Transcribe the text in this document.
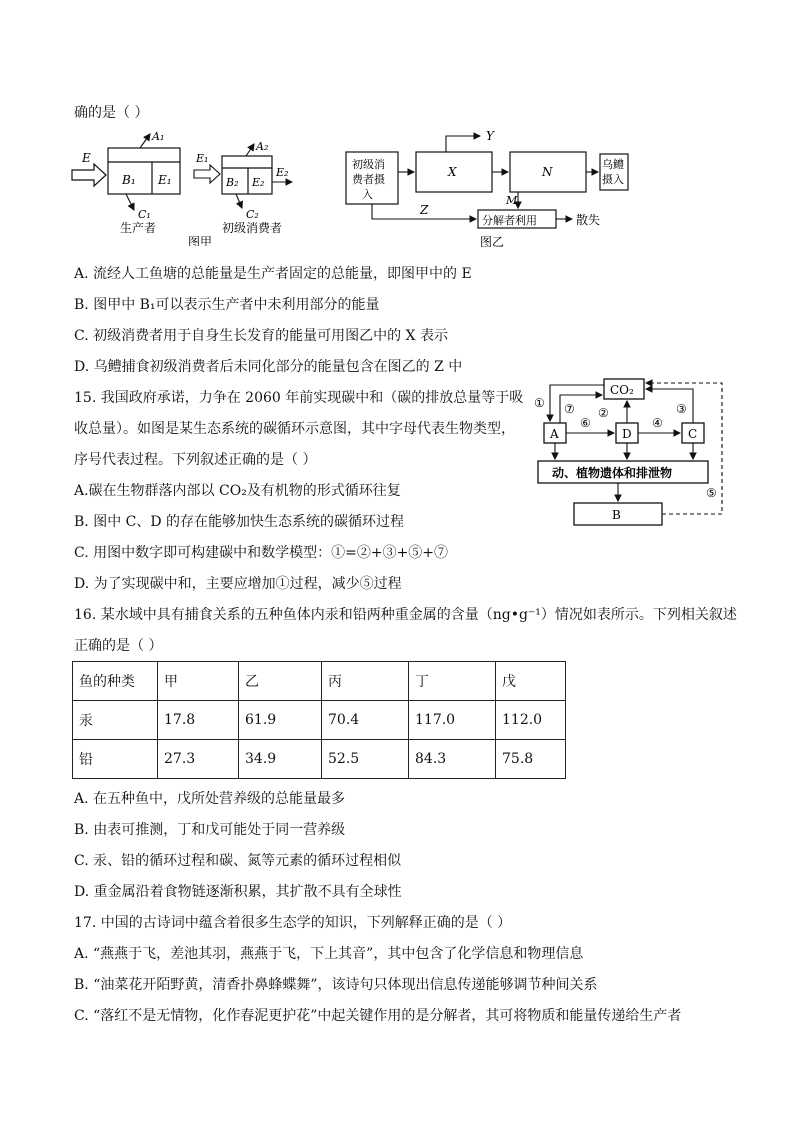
确的是（ ）
E
B₁ E₁
A₁
C₁
生产者
E₁
B₂ E₂
A₂
E₂
C₂
初级消费者
图甲
初级消
费者摄
入
X
Y
N
乌鳢
摄入
M
分解者利用
Z
散失
图乙
A. 流经人工鱼塘的总能量是生产者固定的总能量，即图甲中的 E
B. 图甲中 B₁可以表示生产者中未利用部分的能量
C. 初级消费者用于自身生长发育的能量可用图乙中的 X 表示
D. 乌鳢捕食初级消费者后未同化部分的能量包含在图乙的 Z 中
15. 我国政府承诺，力争在 2060 年前实现碳中和（碳的排放总量等于吸
收总量）。如图是某生态系统的碳循环示意图，其中字母代表生物类型，
序号代表过程。下列叙述正确的是（ ）
CO₂
A	D	C
① ⑦ ②	③
⑥	④
动、植物遗体和排泄物
B
⑤
A.碳在生物群落内部以 CO₂及有机物的形式循环往复
B. 图中 C、D 的存在能够加快生态系统的碳循环过程
C. 用图中数字即可构建碳中和数学模型：①=②+③+⑤+⑦
D. 为了实现碳中和，主要应增加①过程，减少⑤过程
16. 某水域中具有捕食关系的五种鱼体内汞和铅两种重金属的含量（ng•g⁻¹）情况如表所示。下列相关叙述
正确的是（ ）
鱼的种类	甲	乙	丙	丁	戊
汞	17.8	61.9	70.4	117.0	112.0
铅	27.3	34.9	52.5	84.3	75.8
A. 在五种鱼中，戊所处营养级的总能量最多
B. 由表可推测，丁和戊可能处于同一营养级
C. 汞、铅的循环过程和碳、氮等元素的循环过程相似
D. 重金属沿着食物链逐渐积累，其扩散不具有全球性
17. 中国的古诗词中蕴含着很多生态学的知识，下列解释正确的是（ ）
A. “燕燕于飞，差池其羽，燕燕于飞，下上其音”，其中包含了化学信息和物理信息
B. “油菜花开陌野黄，清香扑鼻蜂蝶舞”，该诗句只体现出信息传递能够调节种间关系
C. “落红不是无情物，化作春泥更护花”中起关键作用的是分解者，其可将物质和能量传递给生产者
